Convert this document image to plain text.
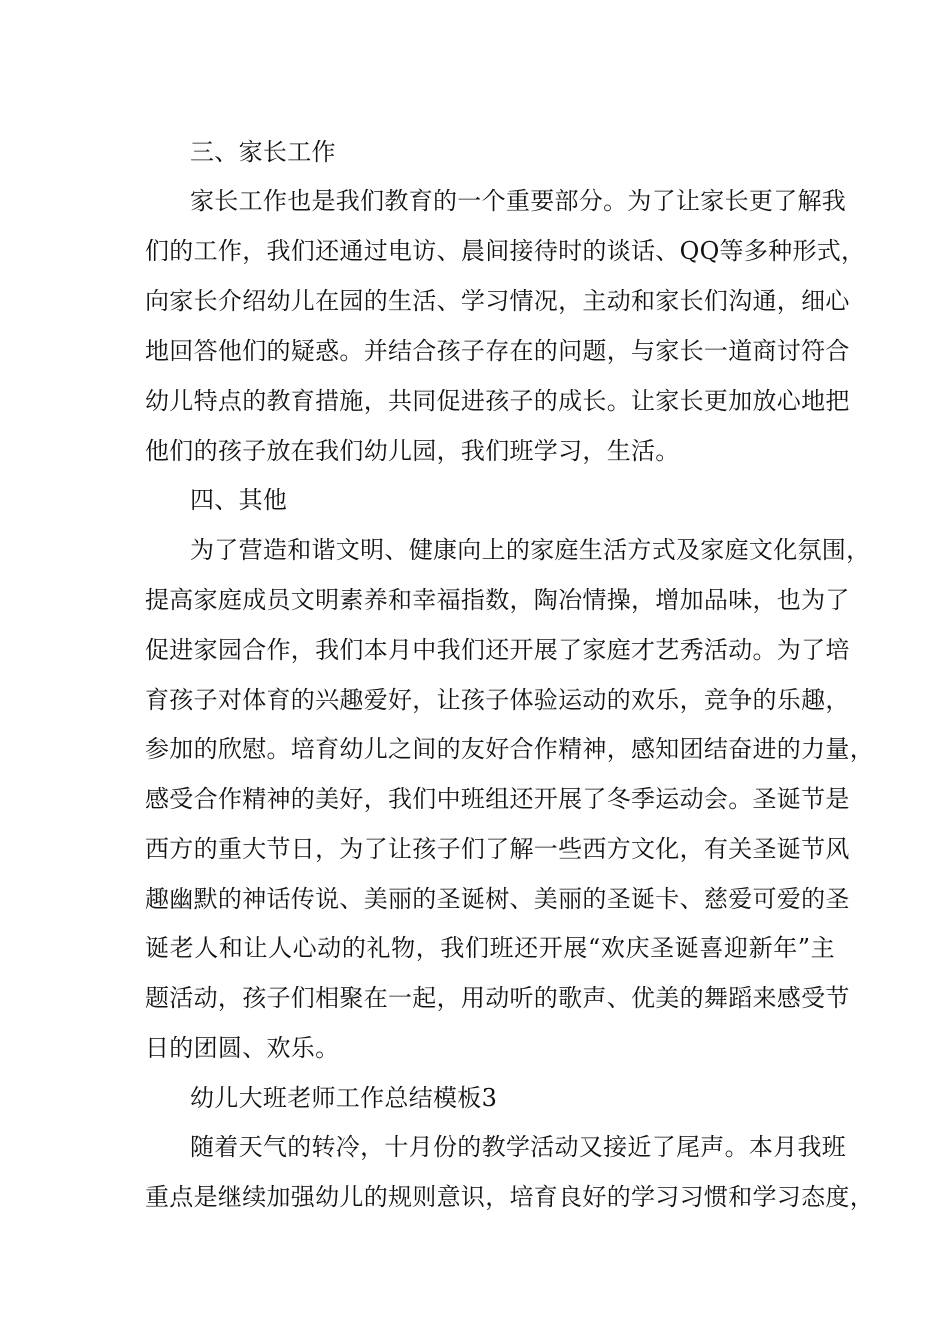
三、家长工作
家长工作也是我们教育的一个重要部分。为了让家长更了解我
们的工作，我们还通过电访、晨间接待时的谈话、QQ等多种形式，
向家长介绍幼儿在园的生活、学习情况，主动和家长们沟通，细心
地回答他们的疑惑。并结合孩子存在的问题，与家长一道商讨符合
幼儿特点的教育措施，共同促进孩子的成长。让家长更加放心地把
他们的孩子放在我们幼儿园，我们班学习，生活。
四、其他
为了营造和谐文明、健康向上的家庭生活方式及家庭文化氛围，
提高家庭成员文明素养和幸福指数，陶冶情操，增加品味，也为了
促进家园合作，我们本月中我们还开展了家庭才艺秀活动。为了培
育孩子对体育的兴趣爱好，让孩子体验运动的欢乐，竞争的乐趣，
参加的欣慰。培育幼儿之间的友好合作精神，感知团结奋进的力量，
感受合作精神的美好，我们中班组还开展了冬季运动会。圣诞节是
西方的重大节日，为了让孩子们了解一些西方文化，有关圣诞节风
趣幽默的神话传说、美丽的圣诞树、美丽的圣诞卡、慈爱可爱的圣
诞老人和让人心动的礼物，我们班还开展“欢庆圣诞喜迎新年”主
题活动，孩子们相聚在一起，用动听的歌声、优美的舞蹈来感受节
日的团圆、欢乐。
幼儿大班老师工作总结模板3
随着天气的转冷，十月份的教学活动又接近了尾声。本月我班
重点是继续加强幼儿的规则意识，培育良好的学习习惯和学习态度，
